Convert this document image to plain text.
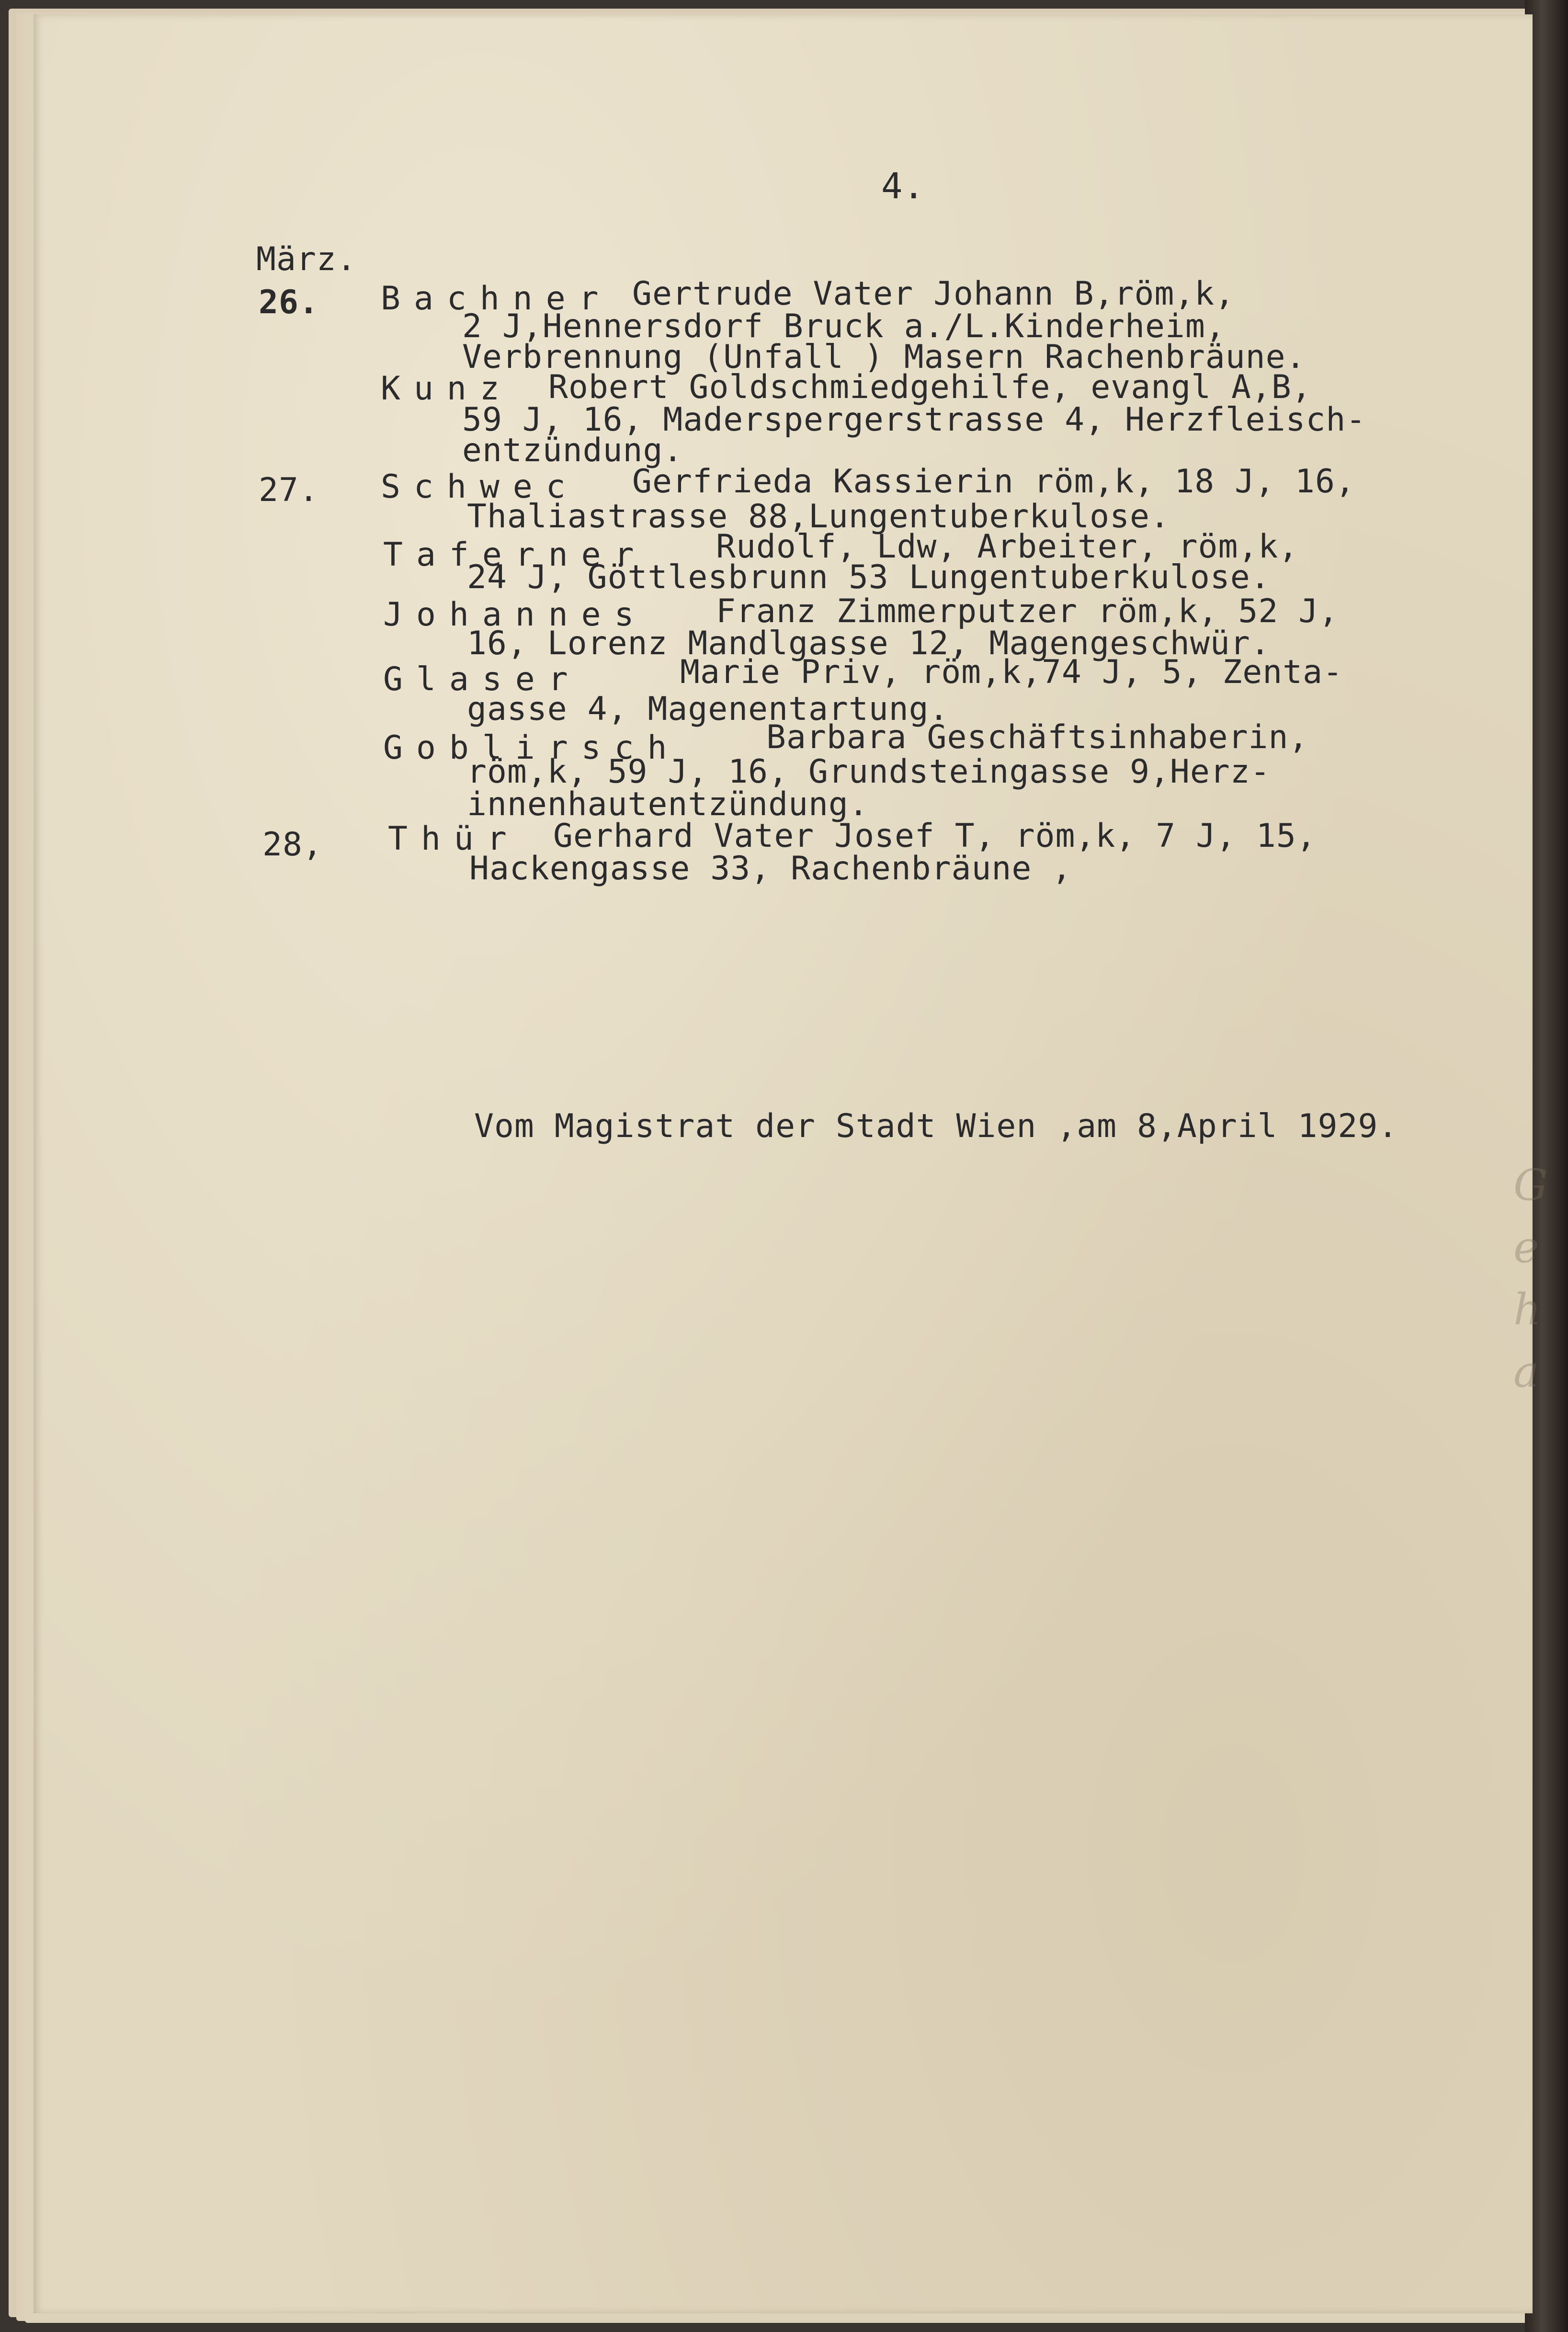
G
e
h
a
4.
März.
26. Bachner Gertrude Vater Johann B,röm,k,
2 J,Hennersdorf Bruck a./L.Kinderheim,
Verbrennung (Unfall ) Masern Rachenbräune.
Kunz Robert Goldschmiedgehilfe, evangl A,B,
59 J, 16, Maderspergerstrasse 4, Herzfleisch-
entzündung.
27. Schwec Gerfrieda Kassierin röm,k, 18 J, 16,
Thaliastrasse 88,Lungentuberkulose.
Taferner Rudolf, Ldw, Arbeiter, röm,k,
24 J, Göttlesbrunn 53 Lungentuberkulose.
Johannes Franz Zimmerputzer röm,k, 52 J,
16, Lorenz Mandlgasse 12, Magengeschwür.
Glaser	Marie Priv, röm,k,74 J, 5, Zenta-
gasse 4, Magenentartung.
Goblirsch	Barbara Geschäftsinhaberin,
röm,k, 59 J, 16, Grundsteingasse 9,Herz-
innenhautentzündung.
28, Thür Gerhard Vater Josef T, röm,k, 7 J, 15,
Hackengasse 33, Rachenbräune ,
Vom Magistrat der Stadt Wien ,am 8,April 1929.
